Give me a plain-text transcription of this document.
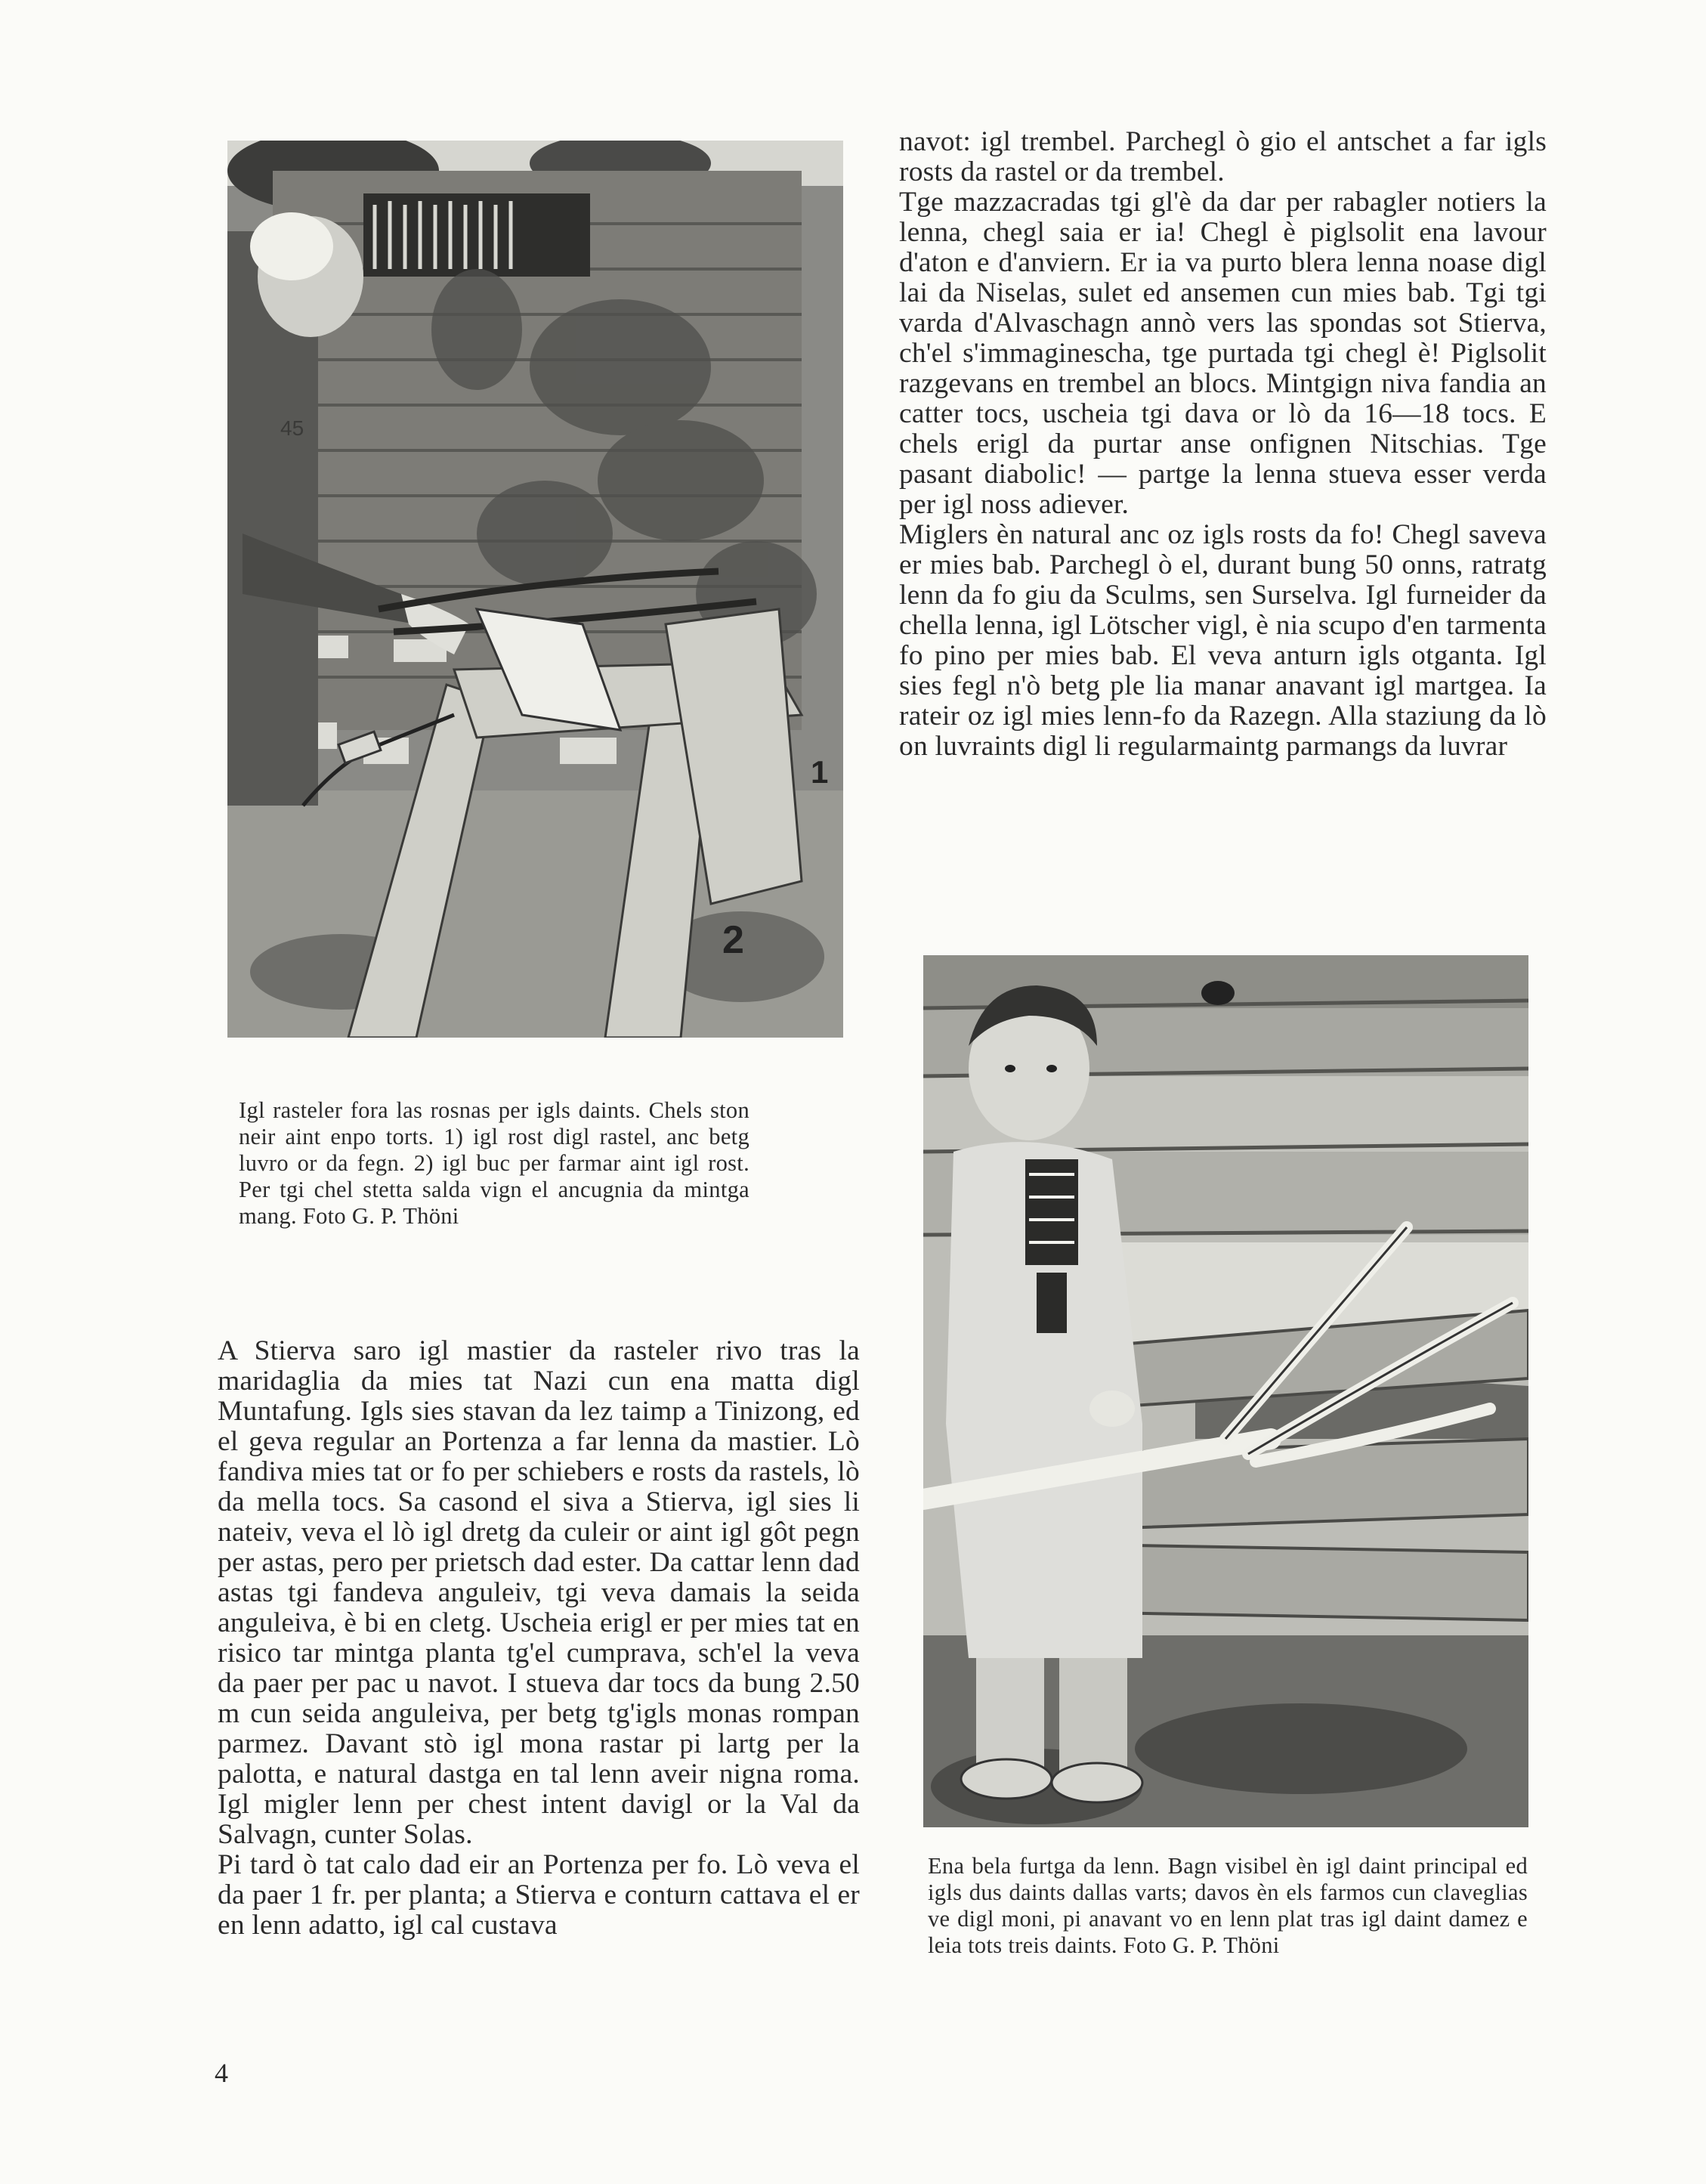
1
2
45

navot: igl trembel. Parchegl ò gio el antschet a far igls rosts da rastel or da trembel.

Tge mazzacradas tgi gl'è da dar per rabagler notiers la lenna, chegl saia er ia! Chegl è piglsolit ena lavour d'aton e d'anviern. Er ia va purto blera lenna noase digl lai da Niselas, sulet ed ansemen cun mies bab. Tgi tgi varda d'Alvaschagn annò vers las spondas sot Stierva, ch'el s'immaginescha, tge purtada tgi chegl è! Piglsolit razgevans en trembel an blocs. Mintgign niva fandia an catter tocs, uscheia tgi dava or lò da 16—18 tocs. E chels erigl da purtar anse onfignen Nitschias. Tge pasant diabolic! — partge la lenna stueva esser verda per igl noss adiever.

Miglers èn natural anc oz igls rosts da fo! Chegl saveva er mies bab. Parchegl ò el, durant bung 50 onns, ratratg lenn da fo giu da Sculms, sen Surselva. Igl furneider da chella lenna, igl Lötscher vigl, è nia scupo d'en tarmenta fo pino per mies bab. El veva anturn igls otganta. Igl sies fegl n'ò betg ple lia manar anavant igl martgea. Ia rateir oz igl mies lenn-fo da Razegn. Alla staziung da lò on luvraints digl li regularmaintg parmangs da luvrar

Igl rasteler fora las rosnas per igls daints. Chels ston neir aint enpo torts. 1) igl rost digl rastel, anc betg luvro or da fegn. 2) igl buc per farmar aint igl rost. Per tgi chel stetta salda vign el ancugnia da mintga mang. Foto G. P. Thöni

A Stierva saro igl mastier da rasteler rivo tras la maridaglia da mies tat Nazi cun ena matta digl Muntafung. Igls sies stavan da lez taimp a Tinizong, ed el geva regular an Portenza a far lenna da mastier. Lò fandiva mies tat or fo per schiebers e rosts da rastels, lò da mella tocs. Sa casond el siva a Stierva, igl sies li nateiv, veva el lò igl dretg da culeir or aint igl gôt pegn per astas, pero per prietsch dad ester. Da cattar lenn dad astas tgi fandeva anguleiv, tgi veva damais la seida anguleiva, è bi en cletg. Uscheia erigl er per mies tat en risico tar mintga planta tg'el cumprava, sch'el la veva da paer per pac u navot. I stueva dar tocs da bung 2.50 m cun seida anguleiva, per betg tg'igls monas rompan parmez. Davant stò igl mona rastar pi lartg per la palotta, e natural dastga en tal lenn aveir nigna roma. Igl migler lenn per chest intent davigl or la Val da Salvagn, cunter Solas.

Pi tard ò tat calo dad eir an Portenza per fo. Lò veva el da paer 1 fr. per planta; a Stierva e conturn cattava el er en lenn adatto, igl cal custava

Ena bela furtga da lenn. Bagn visibel èn igl daint principal ed igls dus daints dallas varts; davos èn els farmos cun claveglias ve digl moni, pi anavant vo en lenn plat tras igl daint damez e leia tots treis daints. Foto G. P. Thöni
4
